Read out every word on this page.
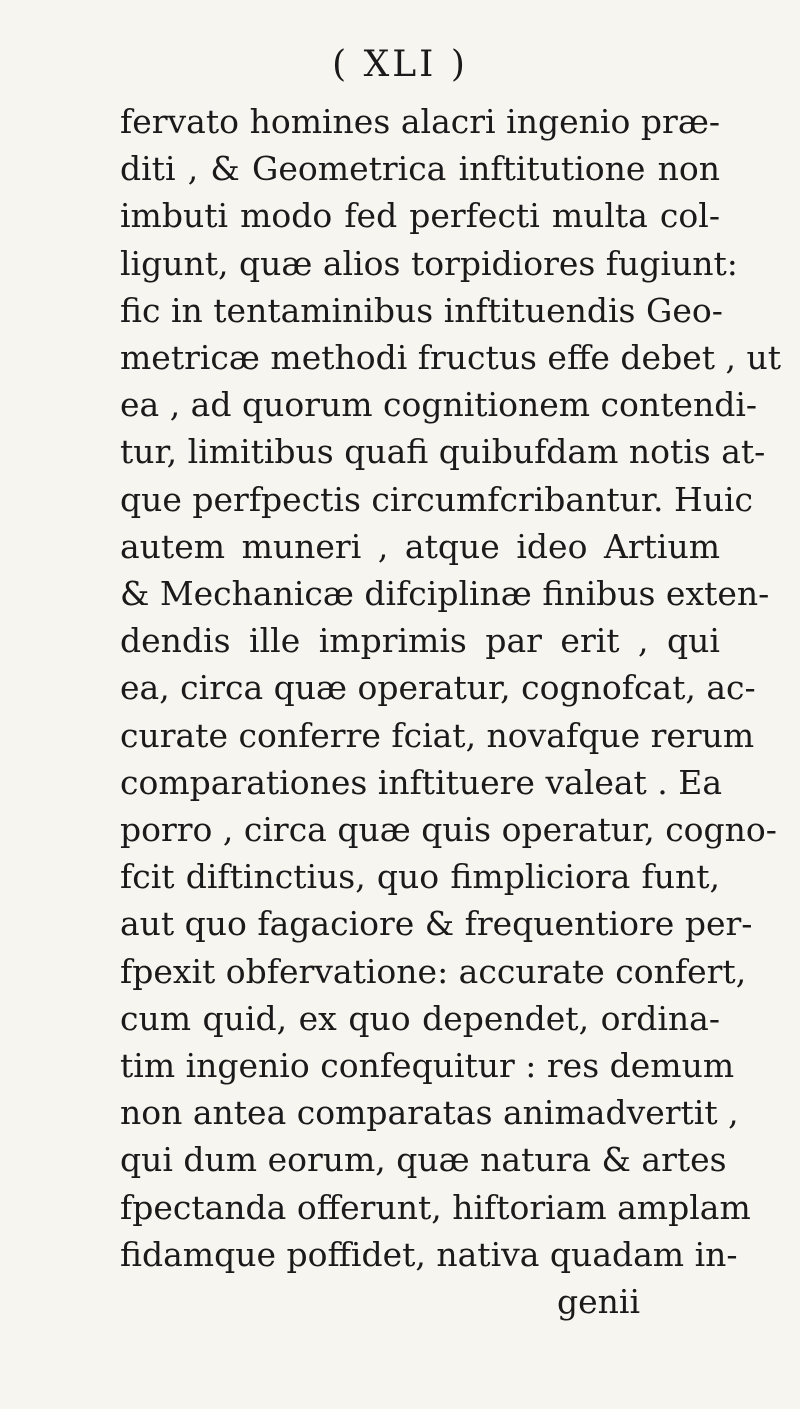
( XLI )
fervato homines alacri ingenio præ-
diti , & Geometrica inftitutione non
imbuti modo fed perfecti multa col-
ligunt, quæ alios torpidiores fugiunt:
fic in tentaminibus inftituendis Geo-
metricæ methodi fructus effe debet , ut
ea , ad quorum cognitionem contendi-
tur, limitibus quafi quibufdam notis at-
que perfpectis circumfcribantur. Huic
autem muneri , atque ideo Artium
& Mechanicæ difciplinæ finibus exten-
dendis ille imprimis par erit , qui
ea, circa quæ operatur, cognofcat, ac-
curate conferre fciat, novafque rerum
comparationes inftituere valeat . Ea
porro , circa quæ quis operatur, cogno-
fcit diftinctius, quo fimpliciora funt,
aut quo fagaciore & frequentiore per-
fpexit obfervatione: accurate confert,
cum quid, ex quo dependet, ordina-
tim ingenio confequitur : res demum
non antea comparatas animadvertit ,
qui dum eorum, quæ natura & artes
fpectanda offerunt, hiftoriam amplam
fidamque poffidet, nativa quadam in-
genii
